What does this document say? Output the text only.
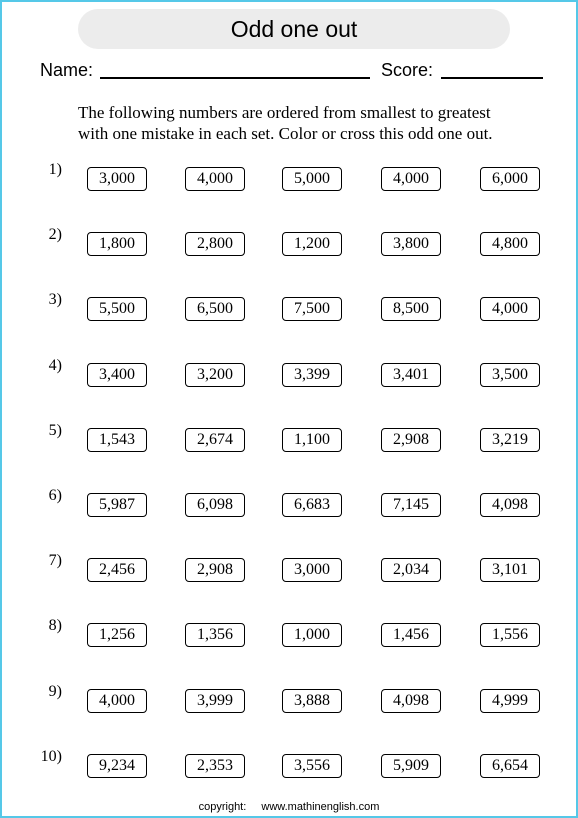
Odd one out
Name:	Score:
The following numbers are ordered from smallest to greatest
with one mistake in each set. Color or cross this odd one out.
1)
3,000	4,000	5,000	4,000	6,000
2)
1,800	2,800	1,200	3,800	4,800
3)
5,500	6,500	7,500	8,500	4,000
4)
3,400	3,200	3,399	3,401	3,500
5)
1,543	2,674	1,100	2,908	3,219
6)
5,987	6,098	6,683	7,145	4,098
7)
2,456	2,908	3,000	2,034	3,101
8)
1,256	1,356	1,000	1,456	1,556
9)
4,000	3,999	3,888	4,098	4,999
10)
9,234	2,353	3,556	5,909	6,654
copyright: www.mathinenglish.com
